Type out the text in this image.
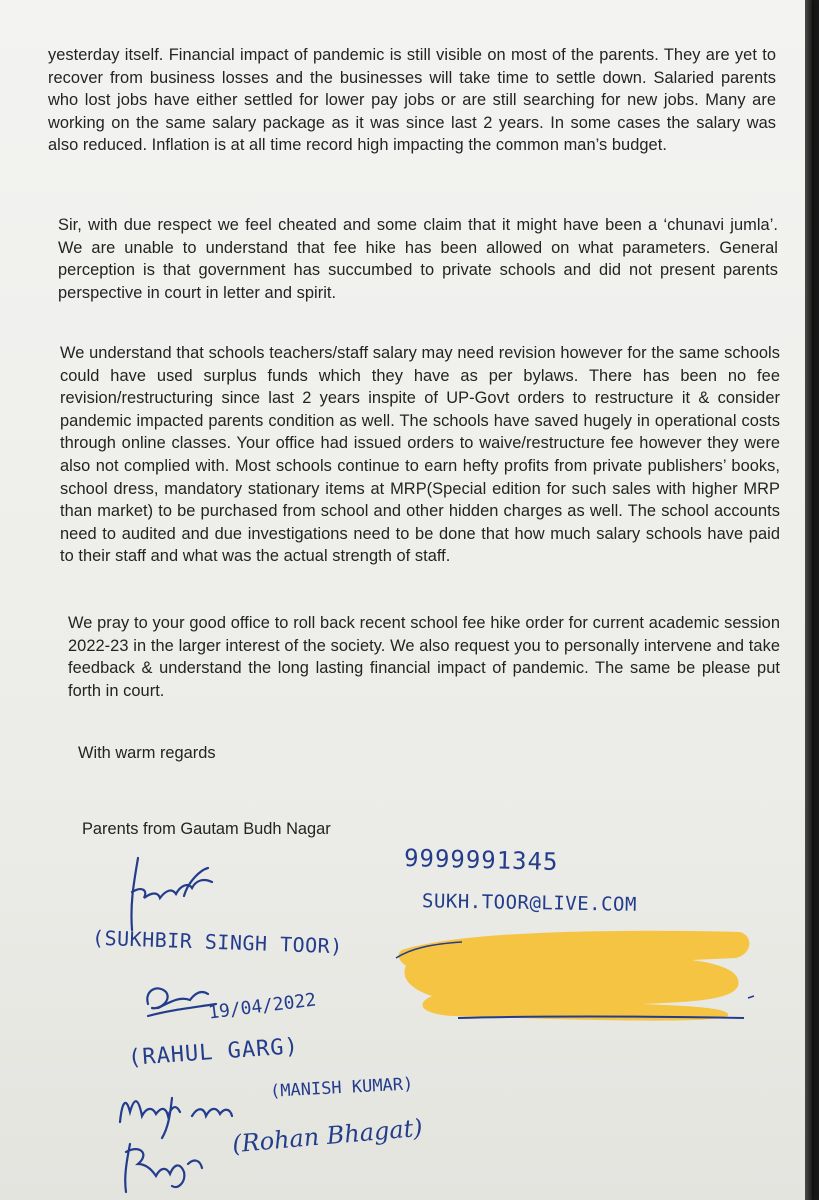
yesterday itself. Financial impact of pandemic is still visible on most of the parents. They are yet to recover from business losses and the businesses will take time to settle down. Salaried parents who lost jobs have either settled for lower pay jobs or are still searching for new jobs. Many are working on the same salary package as it was since last 2 years. In some cases the salary was also reduced. Inflation is at all time record high impacting the common man’s budget.

Sir, with due respect we feel cheated and some claim that it might have been a ‘chunavi jumla’. We are unable to understand that fee hike has been allowed on what parameters. General perception is that government has succumbed to private schools and did not present parents perspective in court in letter and spirit.

We understand that schools teachers/staff salary may need revision however for the same schools could have used surplus funds which they have as per bylaws. There has been no fee revision/restructuring since last 2 years inspite of UP-Govt orders to restructure it & consider pandemic impacted parents condition as well. The schools have saved hugely in operational costs through online classes. Your office had issued orders to waive/restructure fee however they were also not complied with. Most schools continue to earn hefty profits from private publishers’ books, school dress, mandatory stationary items at MRP(Special edition for such sales with higher MRP than market) to be purchased from school and other hidden charges as well. The school accounts need to audited and due investigations need to be done that how much salary schools have paid to their staff and what was the actual strength of staff.

We pray to your good office to roll back recent school fee hike order for current academic session 2022-23 in the larger interest of the society. We also request you to personally intervene and take feedback & understand the long lasting financial impact of pandemic. The same be please put forth in court.

With warm regards

Parents from Gautam Budh Nagar

9999991345

SUKH.TOOR@LIVE.COM

(SUKHBIR SINGH TOOR)

19/04/2022

(RAHUL GARG)

(MANISH KUMAR)

(Rohan Bhagat)
